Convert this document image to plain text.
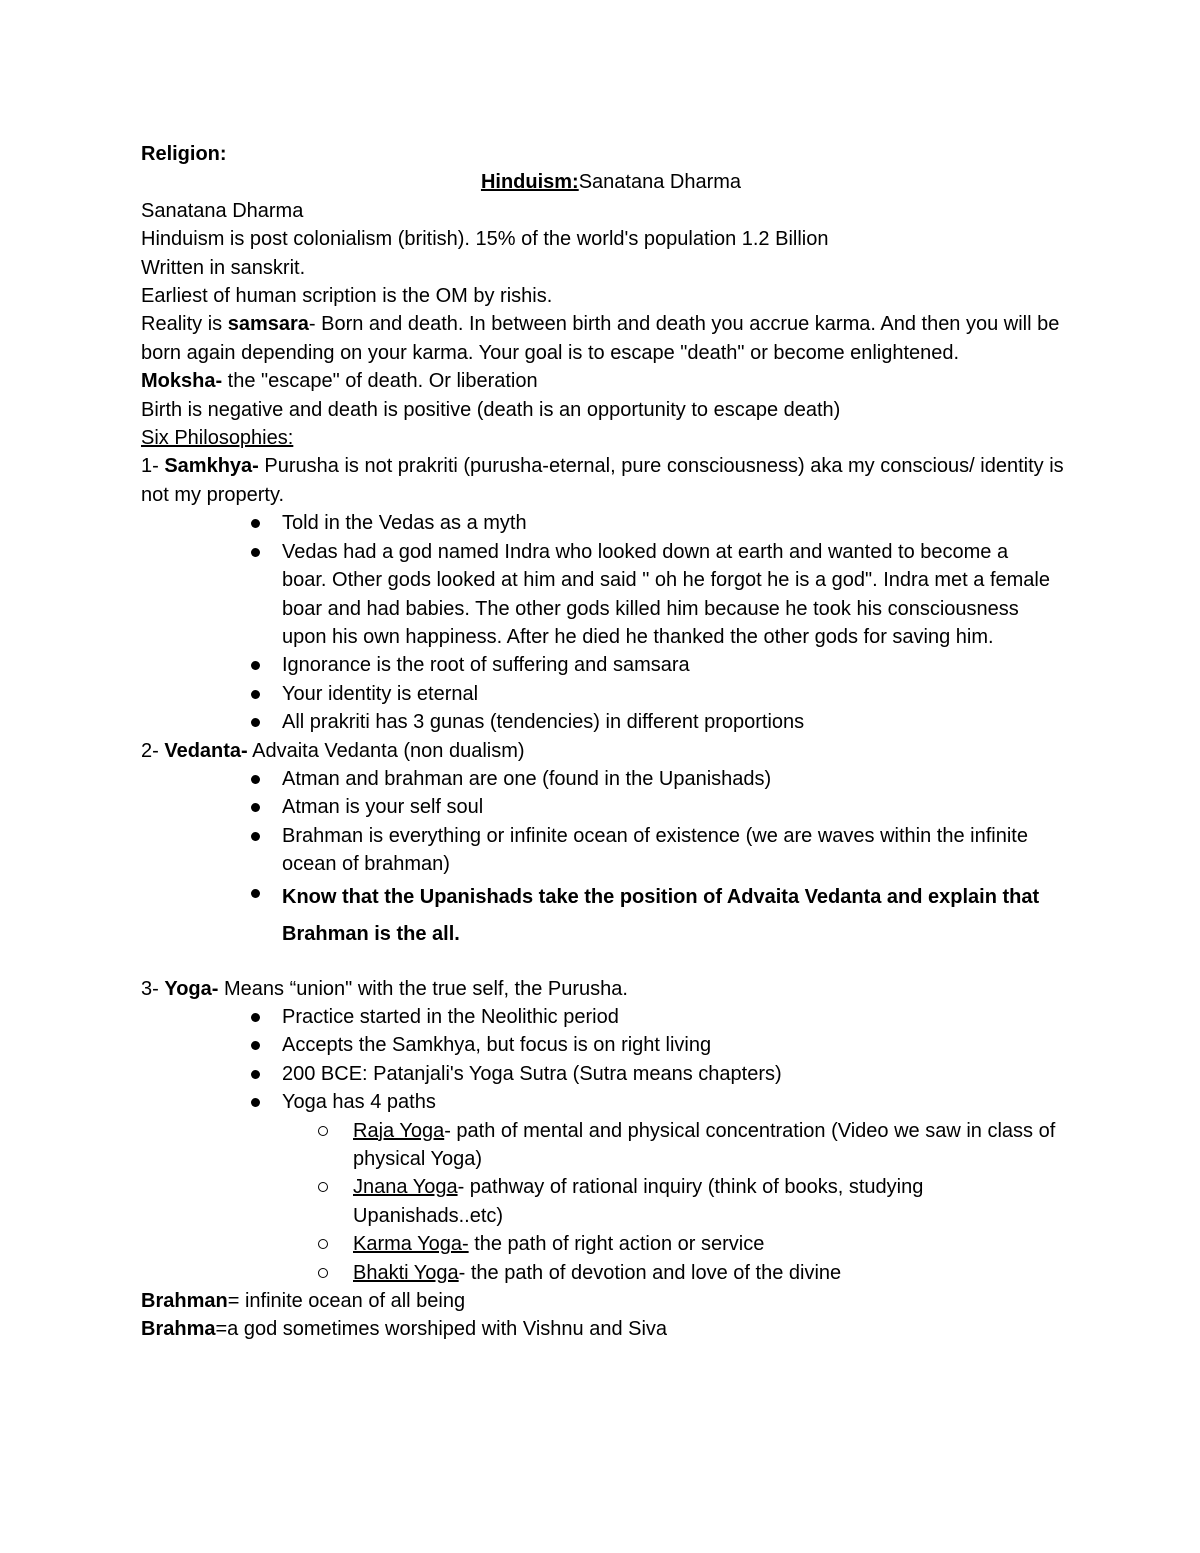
Religion:
Hinduism:Sanatana Dharma
Sanatana Dharma
Hinduism is post colonialism (british). 15% of the world's population 1.2 Billion
Written in sanskrit.
Earliest of human scription is the OM by rishis.
Reality is samsara- Born and death. In between birth and death you accrue karma. And then you will be born again depending on your karma. Your goal is to escape "death" or become enlightened.
Moksha- the "escape" of death. Or liberation
Birth is negative and death is positive (death is an opportunity to escape death)
Six Philosophies:
1- Samkhya- Purusha is not prakriti (purusha-eternal, pure consciousness) aka my conscious/ identity is not my property.
Told in the Vedas as a myth
Vedas had a god named Indra who looked down at earth and wanted to become a boar. Other gods looked at him and said " oh he forgot he is a god". Indra met a female boar and had babies. The other gods killed him because he took his consciousness upon his own happiness. After he died he thanked the other gods for saving him.
Ignorance is the root of suffering and samsara
Your identity is eternal
All prakriti has 3 gunas (tendencies) in different proportions
2- Vedanta- Advaita Vedanta (non dualism)
Atman and brahman are one (found in the Upanishads)
Atman is your self soul
Brahman is everything or infinite ocean of existence (we are waves within the infinite ocean of brahman)
Know that the Upanishads take the position of Advaita Vedanta and explain that Brahman is the all.
3- Yoga- Means “union" with the true self, the Purusha.
Practice started in the Neolithic period
Accepts the Samkhya, but focus is on right living
200 BCE: Patanjali's Yoga Sutra (Sutra means chapters)
Yoga has 4 paths
Raja Yoga- path of mental and physical concentration (Video we saw in class of physical Yoga)
Jnana Yoga- pathway of rational inquiry (think of books, studying Upanishads..etc)
Karma Yoga- the path of right action or service
Bhakti Yoga- the path of devotion and love of the divine
Brahman= infinite ocean of all being
Brahma=a god sometimes worshiped with Vishnu and Siva
